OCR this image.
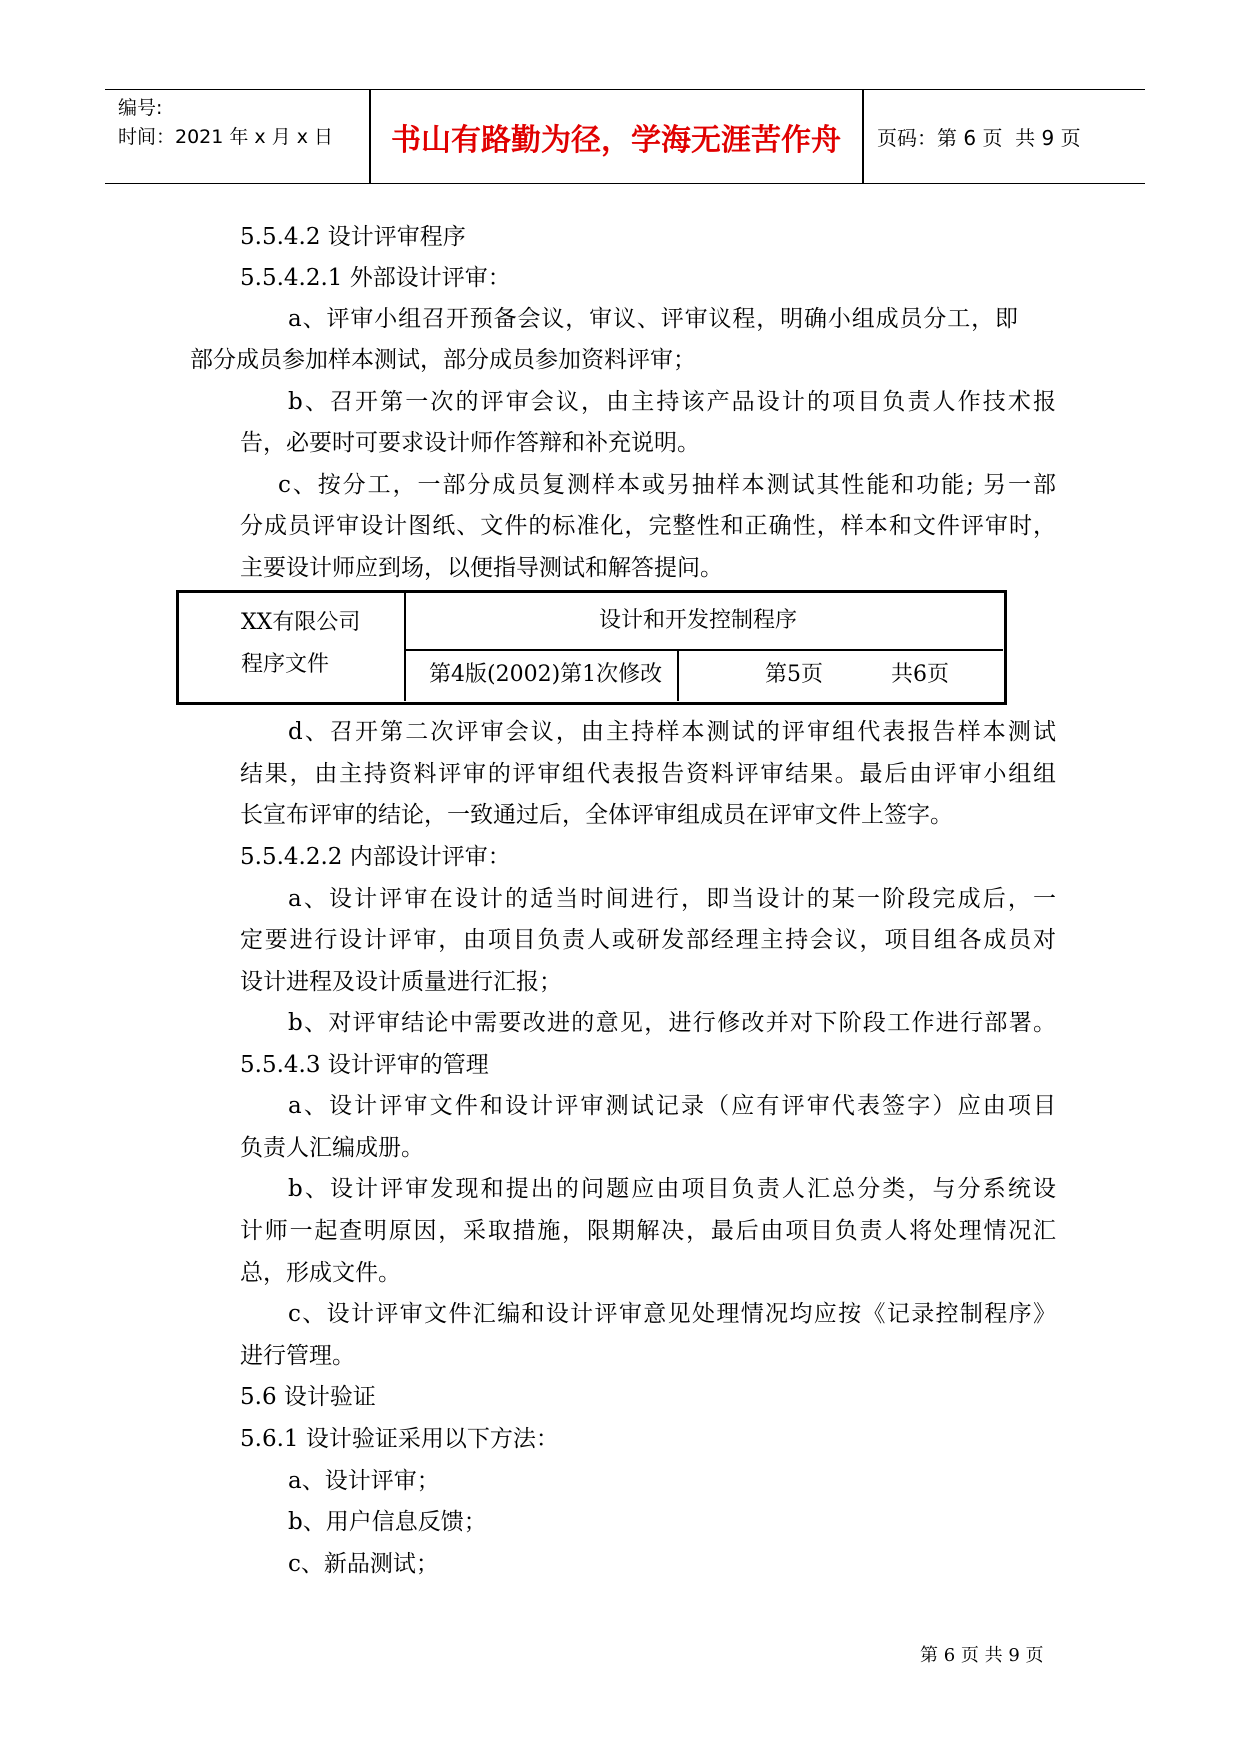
编号:
时间：2021 年 x 月 x 日	书山有路勤为径，学海无涯苦作舟	页码：第 6 页  共 9 页
5.5.4.2 设计评审程序
5.5.4.2.1 外部设计评审：
a、评审小组召开预备会议，审议、评审议程，明确小组成员分工，即
部分成员参加样本测试，部分成员参加资料评审；
b、召开第一次的评审会议，由主持该产品设计的项目负责人作技术报
告，必要时可要求设计师作答辩和补充说明。
c、按分工，一部分成员复测样本或另抽样本测试其性能和功能; 另一部
分成员评审设计图纸、文件的标准化，完整性和正确性，样本和文件评审时，
主要设计师应到场，以便指导测试和解答提问。
XX有限公司
程序文件
设计和开发控制程序
第4版(2002)第1次修改	第5页	共6页
d、召开第二次评审会议，由主持样本测试的评审组代表报告样本测试
结果，由主持资料评审的评审组代表报告资料评审结果。最后由评审小组组
长宣布评审的结论，一致通过后，全体评审组成员在评审文件上签字。
5.5.4.2.2 内部设计评审：
a、设计评审在设计的适当时间进行，即当设计的某一阶段完成后，一
定要进行设计评审，由项目负责人或研发部经理主持会议，项目组各成员对
设计进程及设计质量进行汇报；
b、对评审结论中需要改进的意见，进行修改并对下阶段工作进行部署。
5.5.4.3 设计评审的管理
a、设计评审文件和设计评审测试记录（应有评审代表签字）应由项目
负责人汇编成册。
b、设计评审发现和提出的问题应由项目负责人汇总分类，与分系统设
计师一起查明原因，采取措施，限期解决，最后由项目负责人将处理情况汇
总，形成文件。
c、设计评审文件汇编和设计评审意见处理情况均应按《记录控制程序》
进行管理。
5.6 设计验证
5.6.1 设计验证采用以下方法：
a、设计评审；
b、用户信息反馈；
c、新品测试；
第 6 页 共 9 页
